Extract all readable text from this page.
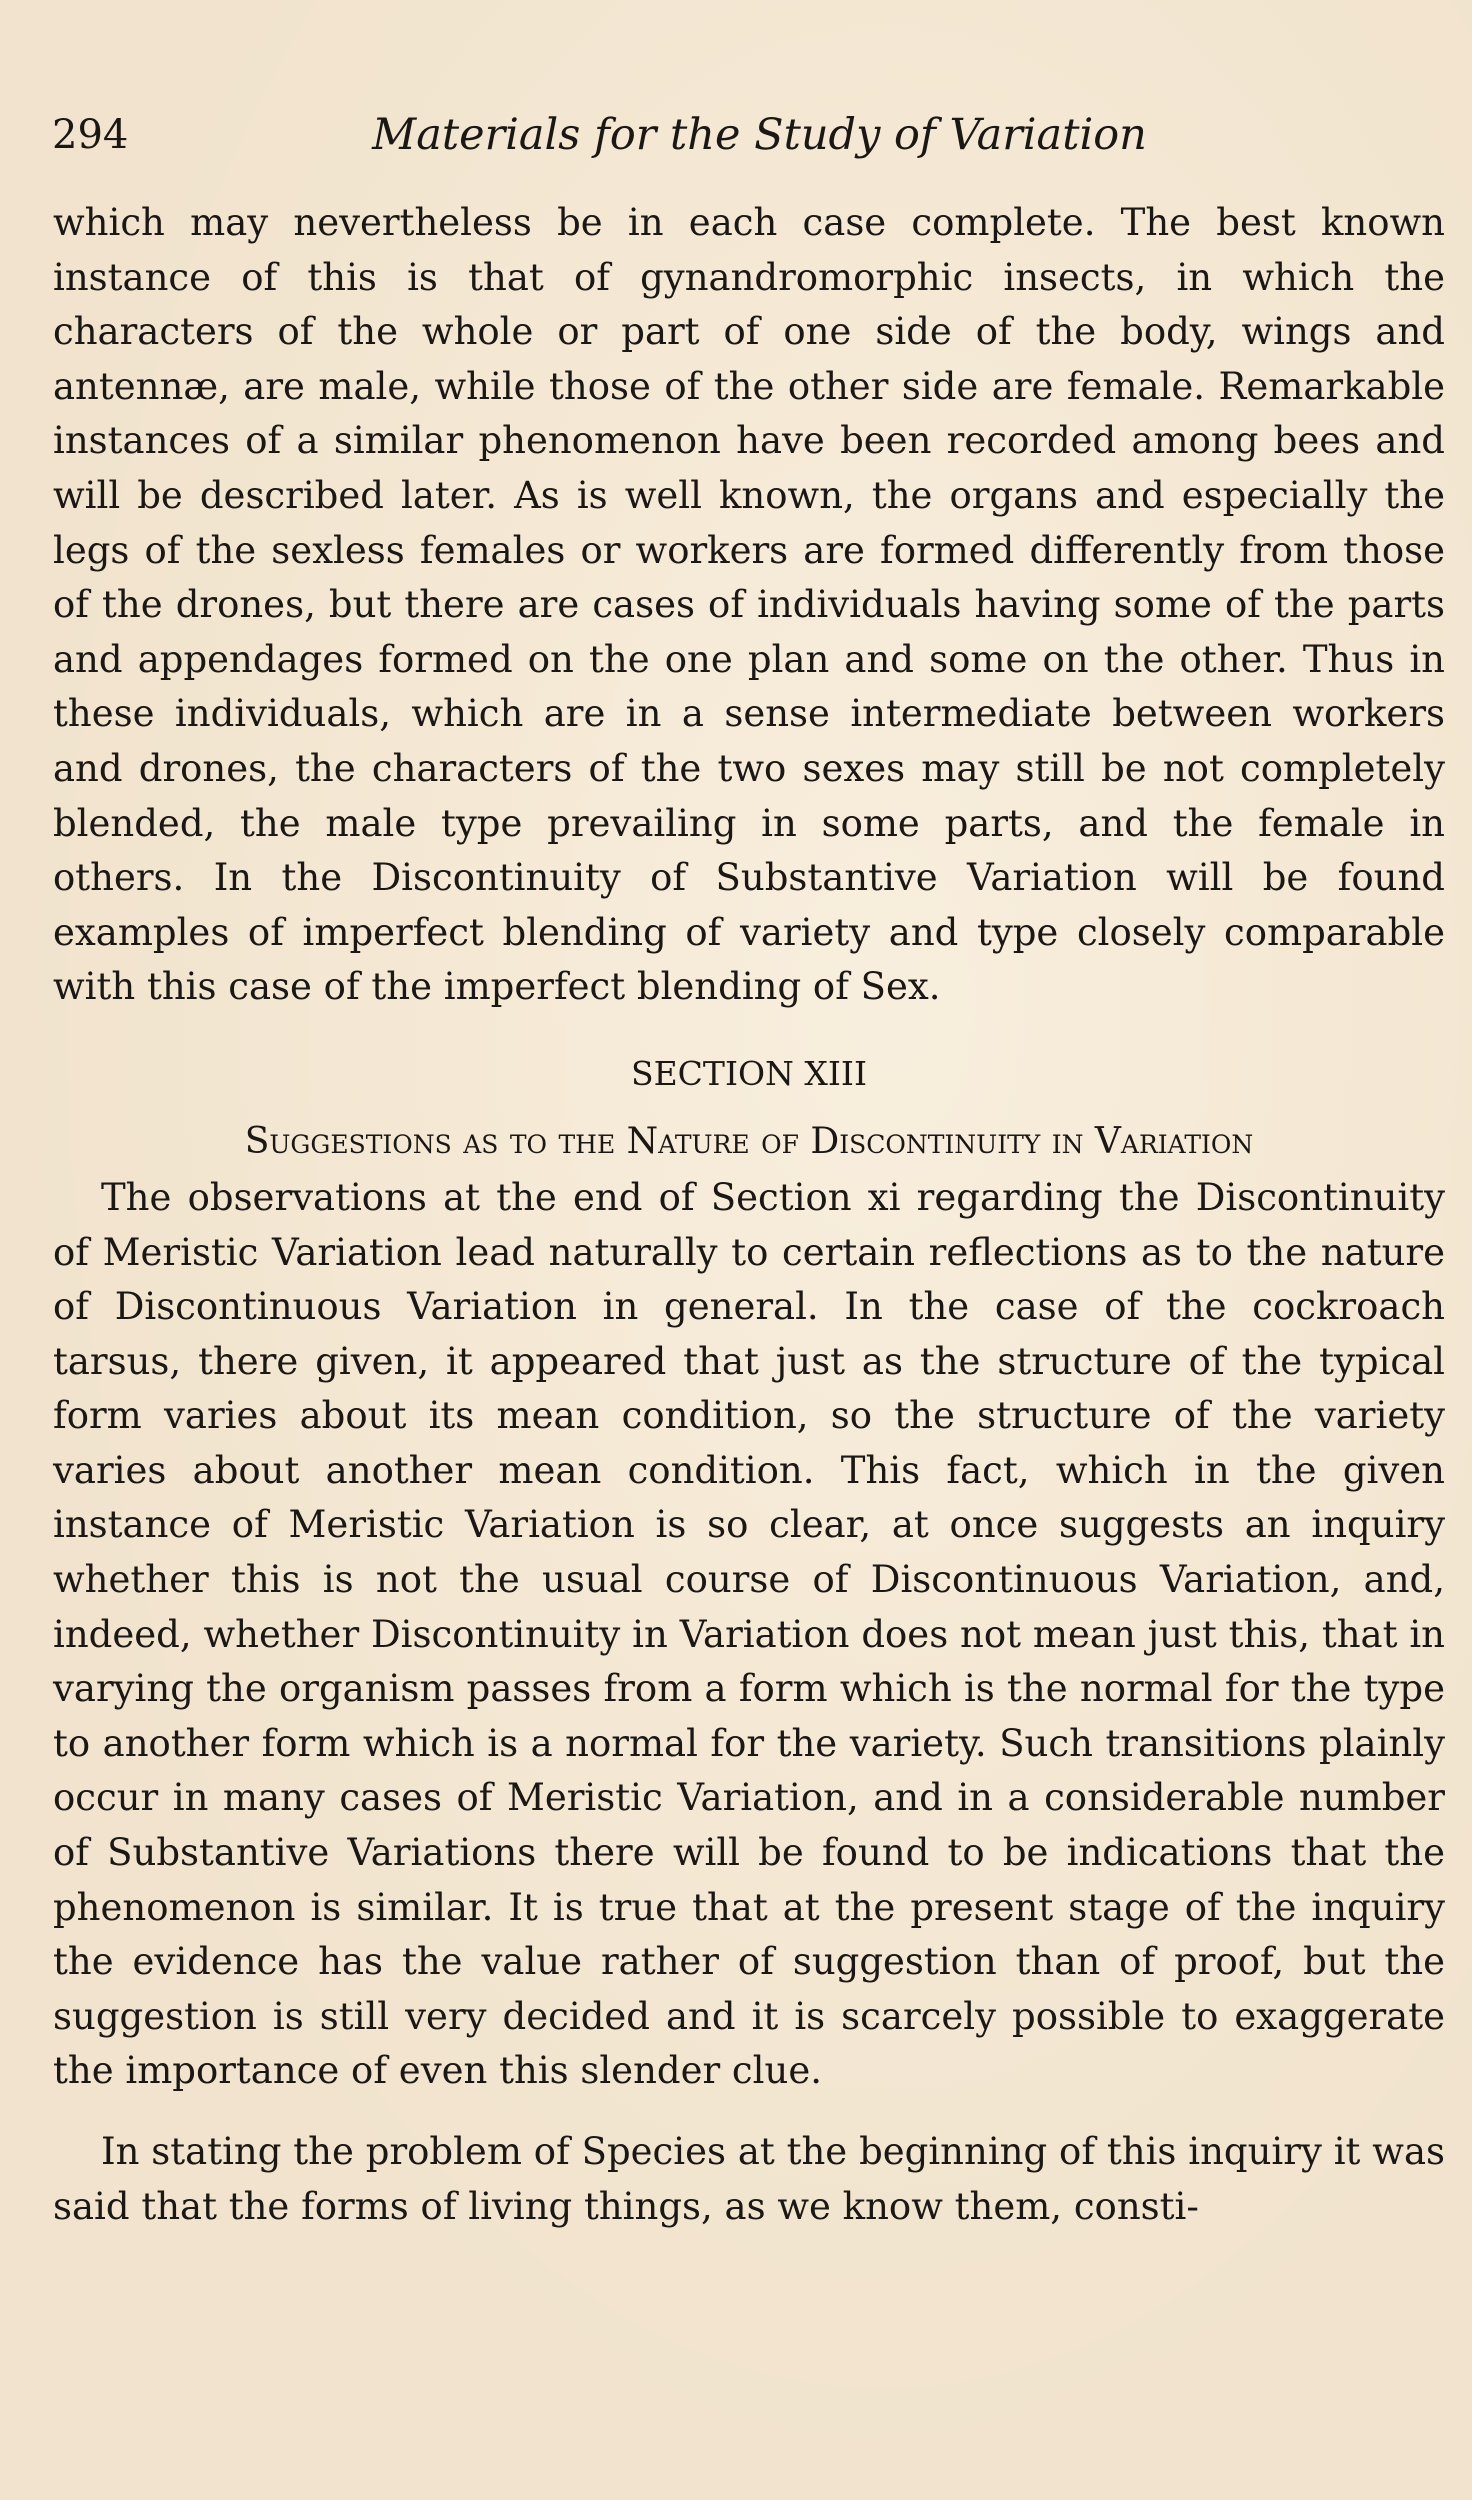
294	Materials for the Study of Variation

which may nevertheless be in each case complete. The best known instance of this is that of gynandromorphic insects, in which the characters of the whole or part of one side of the body, wings and antennæ, are male, while those of the other side are female. Remarkable instances of a similar phenomenon have been recorded among bees and will be described later. As is well known, the organs and especially the legs of the sexless females or workers are formed differently from those of the drones, but there are cases of individuals having some of the parts and appendages formed on the one plan and some on the other. Thus in these individuals, which are in a sense intermediate between workers and drones, the characters of the two sexes may still be not completely blended, the male type prevailing in some parts, and the female in others. In the Discontinuity of Substantive Variation will be found examples of imperfect blending of variety and type closely comparable with this case of the imperfect blending of Sex.

SECTION XIII
Suggestions as to the Nature of Discontinuity in Variation

The observations at the end of Section xi regarding the Discontinuity of Meristic Variation lead naturally to certain reflections as to the nature of Discontinuous Variation in general. In the case of the cockroach tarsus, there given, it appeared that just as the structure of the typical form varies about its mean condition, so the structure of the variety varies about another mean condition. This fact, which in the given instance of Meristic Variation is so clear, at once suggests an inquiry whether this is not the usual course of Discontinuous Variation, and, indeed, whether Discontinuity in Variation does not mean just this, that in varying the organism passes from a form which is the normal for the type to another form which is a normal for the variety. Such transitions plainly occur in many cases of Meristic Variation, and in a considerable number of Substantive Variations there will be found to be indications that the phenomenon is similar. It is true that at the present stage of the inquiry the evidence has the value rather of suggestion than of proof, but the suggestion is still very decided and it is scarcely possible to exaggerate the importance of even this slender clue.

In stating the problem of Species at the beginning of this inquiry it was said that the forms of living things, as we know them, consti-
